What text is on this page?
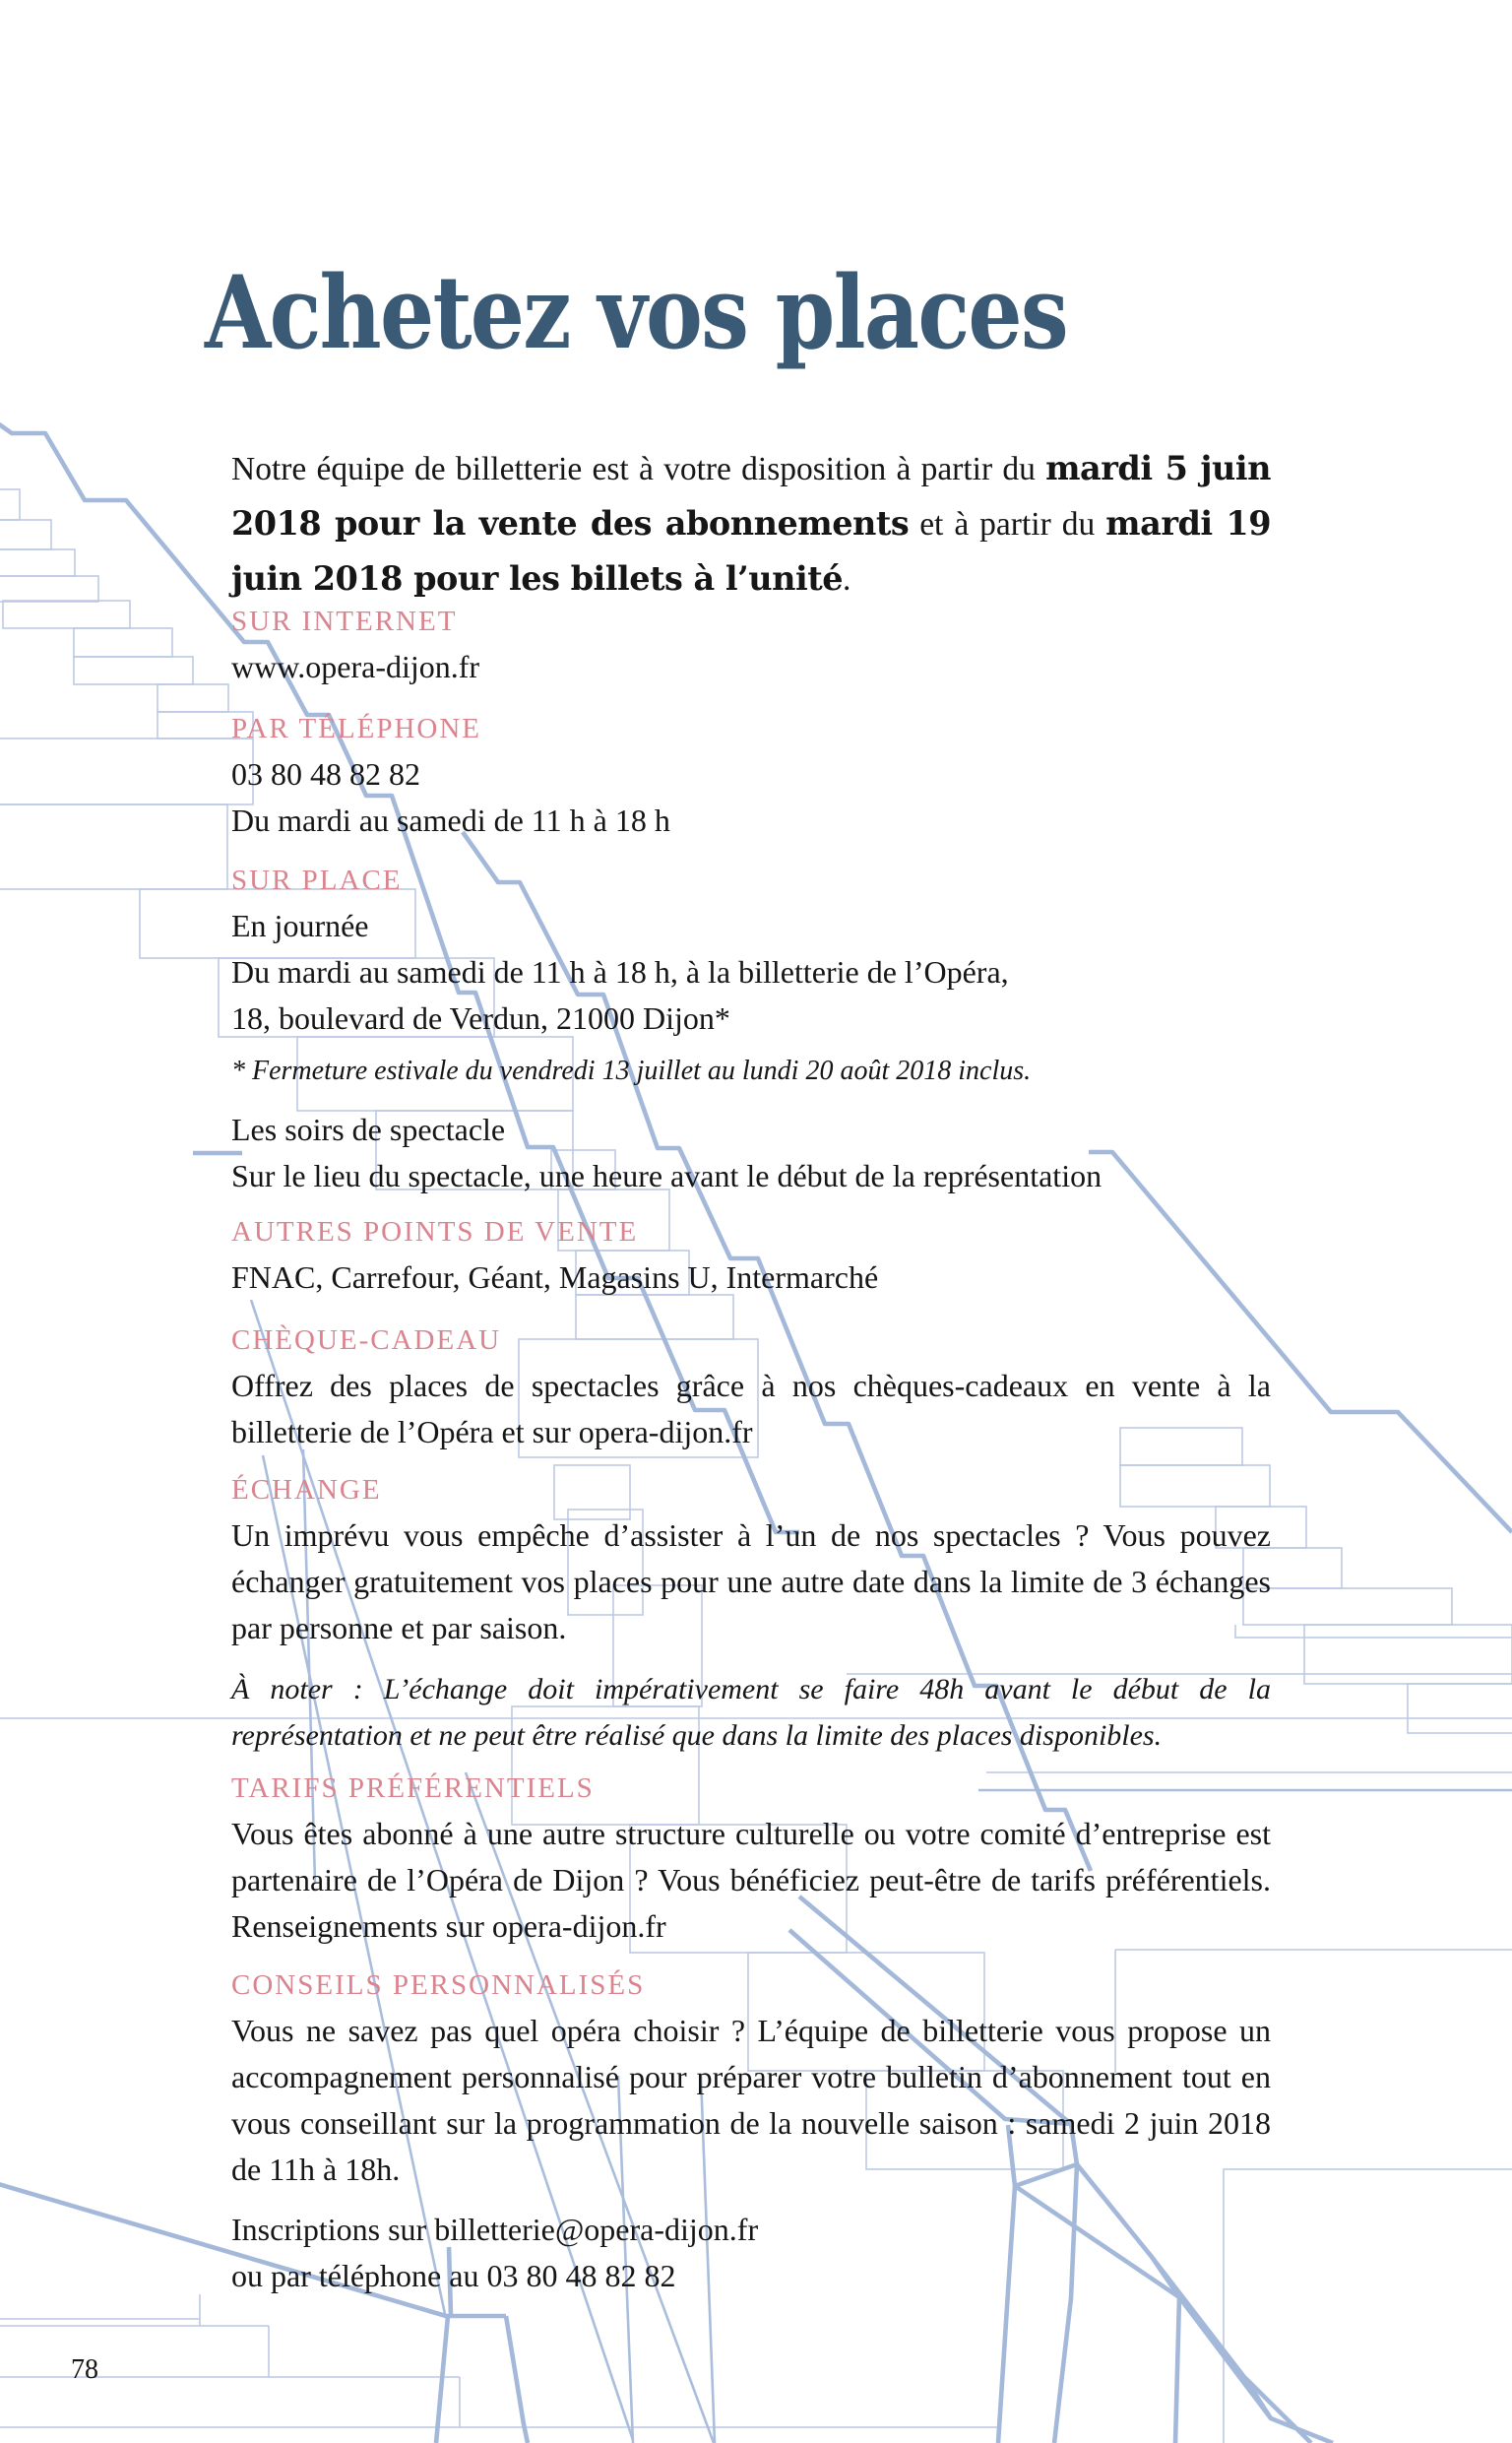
Achetez vos places

Notre équipe de billetterie est à votre disposition à partir du mardi 5 juin 2018 pour la vente des abonnements et à partir du mardi 19 juin 2018 pour les billets à l’unité.

SUR INTERNET

www.opera-dijon.fr

PAR TÉLÉPHONE

03 80 48 82 82

Du mardi au samedi de 11 h à 18 h

SUR PLACE

En journée

Du mardi au samedi de 11 h à 18 h, à la billetterie de l’Opéra,

18, boulevard de Verdun, 21000 Dijon*

* Fermeture estivale du vendredi 13 juillet au lundi 20 août 2018 inclus.

Les soirs de spectacle

Sur le lieu du spectacle, une heure avant le début de la représentation

AUTRES POINTS DE VENTE

FNAC, Carrefour, Géant, Magasins U, Intermarché

CHÈQUE-CADEAU

Offrez des places de spectacles grâce à nos chèques-cadeaux en vente à la billetterie de l’Opéra et sur opera-dijon.fr

ÉCHANGE

Un imprévu vous empêche d’assister à l’un de nos spectacles ? Vous pouvez échanger gratuitement vos places pour une autre date dans la limite de 3 échanges par personne et par saison.

À noter : L’échange doit impérativement se faire 48h avant le début de la représentation et ne peut être réalisé que dans la limite des places disponibles.

TARIFS PRÉFÉRENTIELS

Vous êtes abonné à une autre structure culturelle ou votre comité d’entreprise est partenaire de l’Opéra de Dijon ? Vous bénéficiez peut-être de tarifs préférentiels. Renseignements sur opera-dijon.fr

CONSEILS PERSONNALISÉS

Vous ne savez pas quel opéra choisir ? L’équipe de billetterie vous propose un accompagnement personnalisé pour préparer votre bulletin d’abonnement tout en vous conseillant sur la programmation de la nouvelle saison : samedi 2 juin 2018 de 11h à 18h.

Inscriptions sur billetterie@opera-dijon.fr

ou par téléphone au 03 80 48 82 82

78
